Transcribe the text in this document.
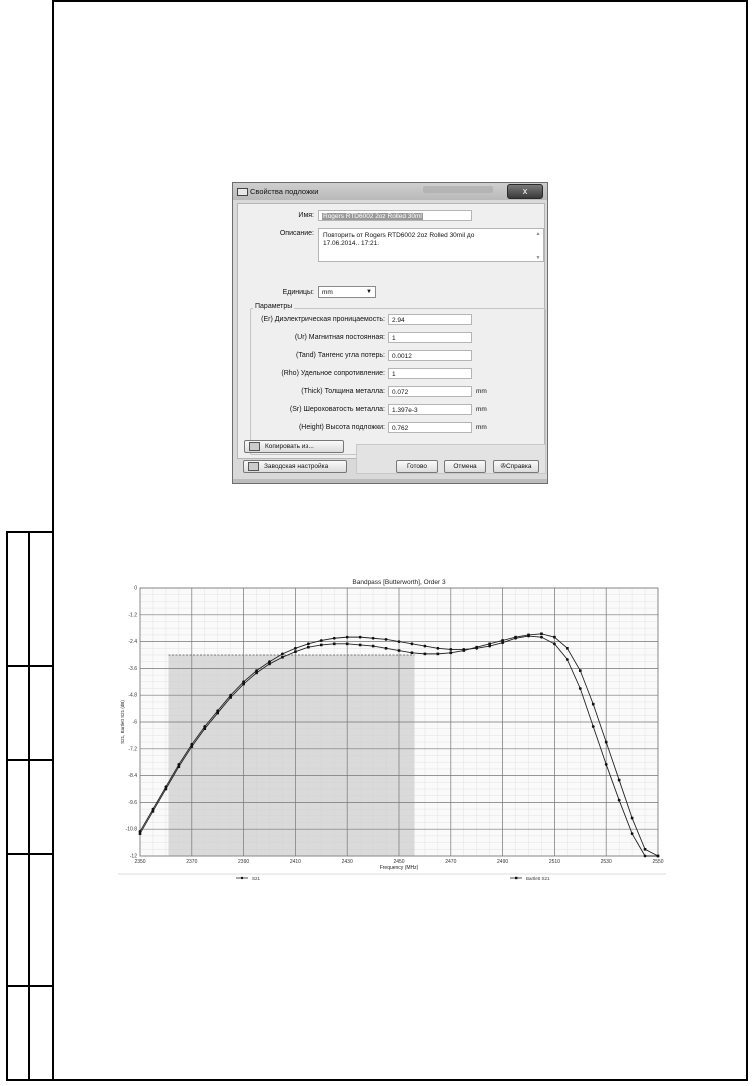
Свойства подложки	x
Имя:	Rogers RTD6002 2oz Rolled 30ml
Описание: Повторить от Rogers RTD6002 2oz Rolled 30mil до
17.06.2014.. 17:21.
▲

▼
Единицы:	mm	▼
Параметры
(Er) Диэлектрическая проницаемость:	2.94
(Ur) Магнитная постоянная:	1
(Tand) Тангенс угла потерь:	0.0012
(Rho) Удельное сопротивление:	1
(Thick) Толщина металла:	0.072	mm
(Sr) Шероховатость металла:	1.397e-3	mm
(Height) Высота подложки:	0.762	mm
Копировать из...
Заводская настройка	Готово	Отмена	✇Справка
2350	2370	2390	2410	2430	2450	2470	2490	2510	2530	2550
0
-1.2
-2.4
-3.6
-4.8
-6
-7.2
-8.4
-9.6
-10.8
-12
Bandpass [Butterworth], Order 3
Frequency (MHz)
S21, Bartlett S21 (dB)
S21	Bartlett S21
